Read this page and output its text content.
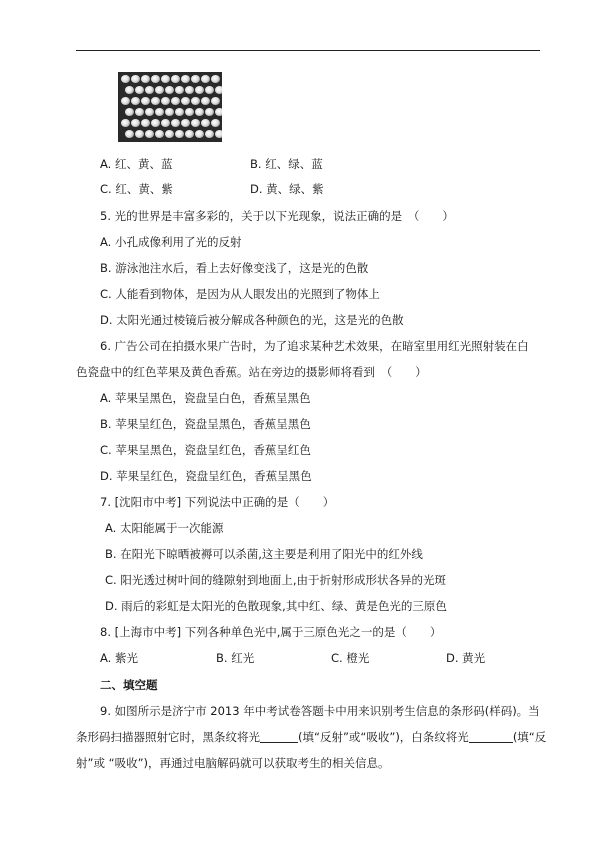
A. 红、黄、蓝	B. 红、绿、蓝
C. 红、黄、紫	D. 黄、绿、紫
5. 光的世界是丰富多彩的，关于以下光现象，说法正确的是　（　　）
A. 小孔成像利用了光的反射
B. 游泳池注水后，看上去好像变浅了，这是光的色散
C. 人能看到物体，是因为从人眼发出的光照到了物体上
D. 太阳光通过棱镜后被分解成各种颜色的光，这是光的色散
6. 广告公司在拍摄水果广告时，为了追求某种艺术效果，在暗室里用红光照射装在白
色瓷盘中的红色苹果及黄色香蕉。站在旁边的摄影师将看到　（　　）
A. 苹果呈黑色，瓷盘呈白色，香蕉呈黑色
B. 苹果呈红色，瓷盘呈黑色，香蕉呈黑色
C. 苹果呈黑色，瓷盘呈红色，香蕉呈红色
D. 苹果呈红色，瓷盘呈红色，香蕉呈黑色
7. [沈阳市中考] 下列说法中正确的是（　　）
A. 太阳能属于一次能源
B. 在阳光下晾晒被褥可以杀菌,这主要是利用了阳光中的红外线
C. 阳光透过树叶间的缝隙射到地面上,由于折射形成形状各异的光斑
D. 雨后的彩虹是太阳光的色散现象,其中红、绿、黄是色光的三原色
8. [上海市中考] 下列各种单色光中,属于三原色光之一的是（　　）
A. 紫光	B. 红光	C. 橙光	D. 黄光
二、填空题
9. 如图所示是济宁市 2013 年中考试卷答题卡中用来识别考生信息的条形码(样码)。当
条形码扫描器照射它时，黑条纹将光	(填“反射”或“吸收”)，白条纹将光	(填“反
射”或 “吸收”)，再通过电脑解码就可以获取考生的相关信息。
